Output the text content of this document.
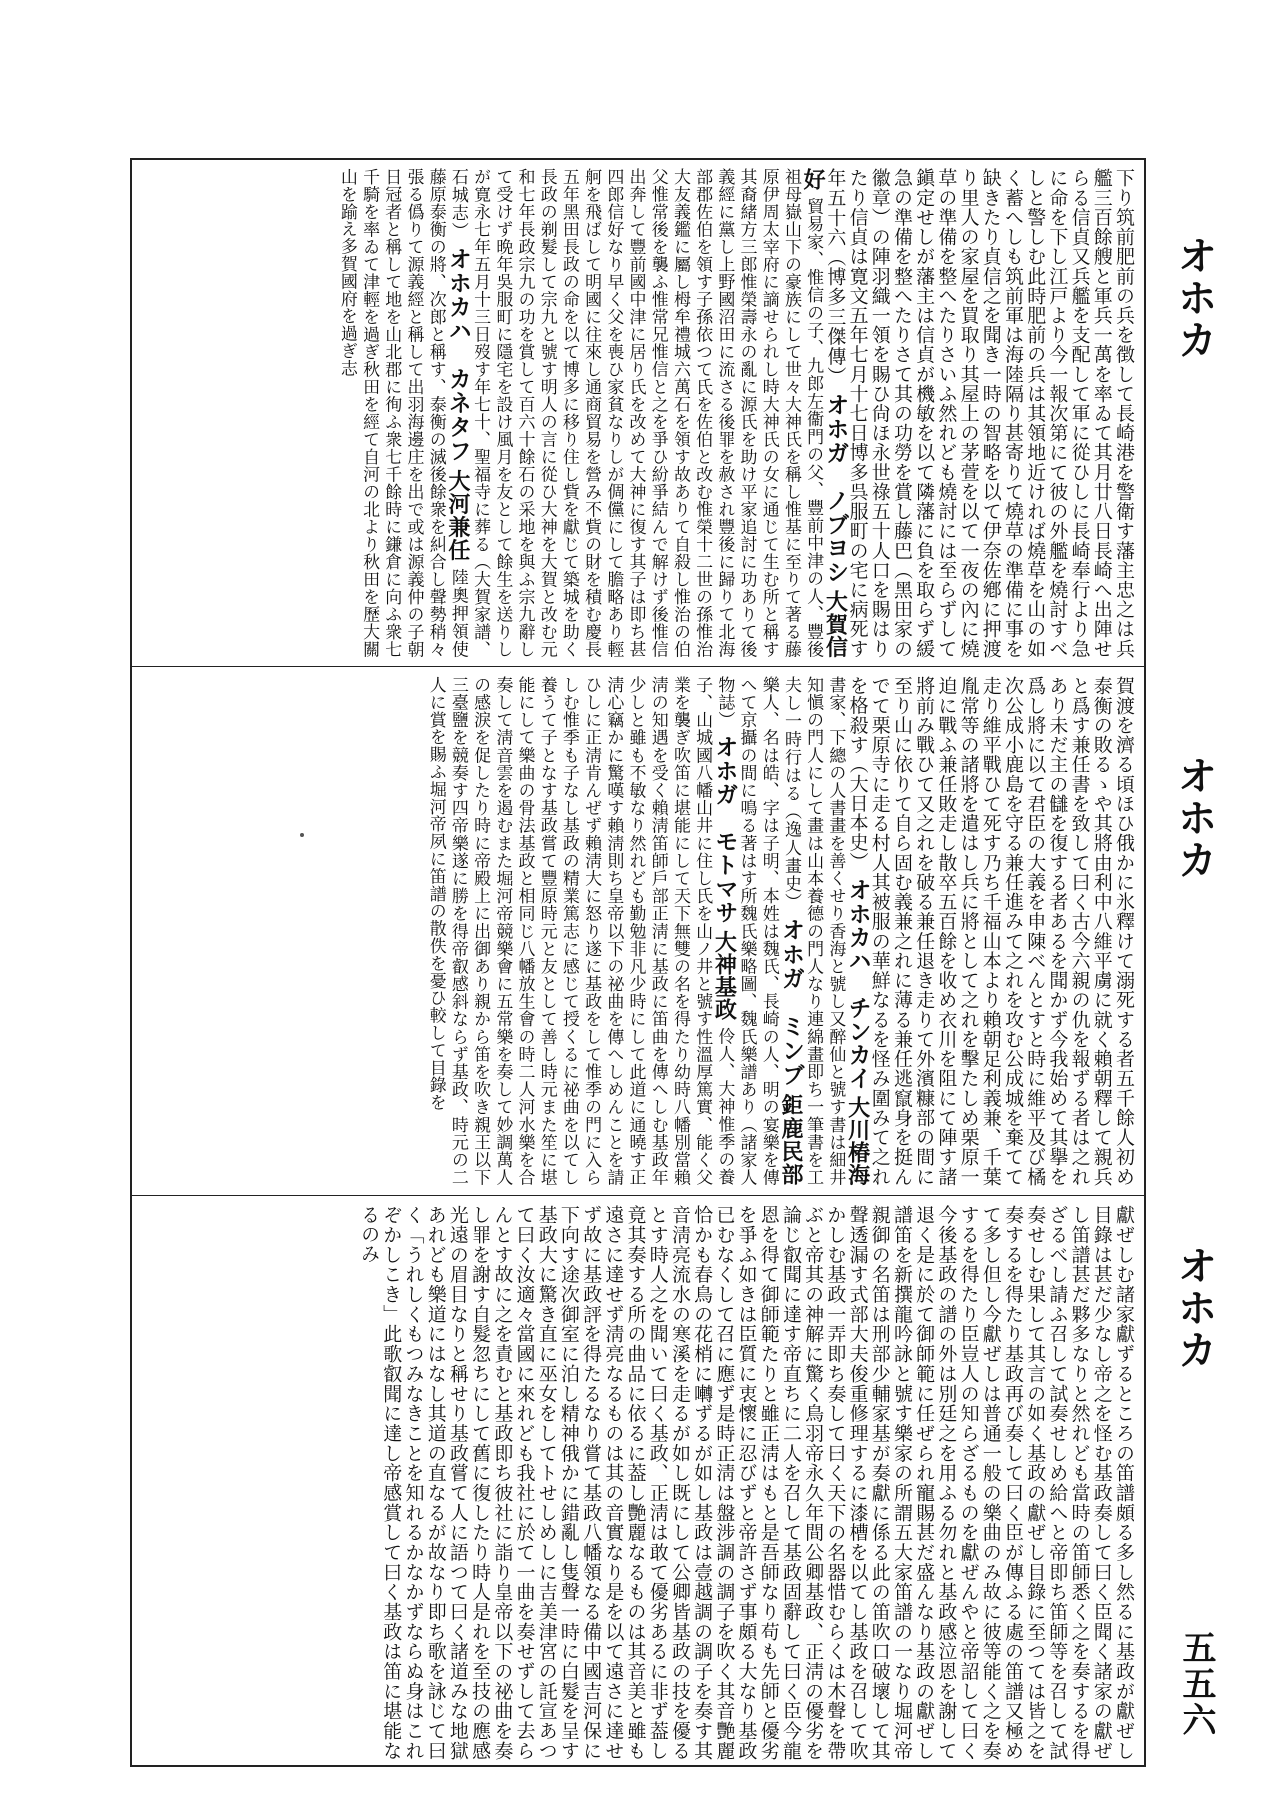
オホカ
オホカ
オホカ
五五六
下り筑前肥前の兵を徴して長崎港を警衛す藩主忠之は兵艦三百餘艘と軍兵一萬を率ゐて其月廿八日長崎へ出陣せらる信貞又兵艦を支配して軍に從ひしに長崎奉行より急に命を下し江戸より今一報次第にて彼の外艦を燒討すべしと警しむ此時肥前の兵は其領地近ければ燒草を山の如く蓄へしも筑前軍は海陸隔り甚寄りて燒草の準備に事を缺きたり貞信之を聞き一時の智略を以て伊奈佐鄕に押渡り里人の家屋を買取り其屋上の茅萱を以て一夜の內に燒草の準備を整へたりさいふ然れども燒討には至らずして鎭定せしが藩主は信貞が機敏を以て隣藩に負を取らず緩急の準備を整へたりさて其の功勞を賞し藤巴（黑田家の徽章）の陣羽織一領を賜ひ尙ほ永世祿五十人口を賜はりたり信貞は寛文五年七月十七日博多呉服町の宅に病死す年五十六（博多三傑傳） オホガ　ノブヨシ 大賀信好 貿易家、惟信の子、九郎左衞門の父、豐前中津の人、豐後祖母嶽山下の豪族にして世々大神氏を稱し惟基に至りて著る藤原伊周太宰府に謫せられし時大神氏の女に通じて生む所と稱す其裔緒方三郎惟榮壽永の亂に源氏を助け平家追討に功ありて後義經に黨し上野國沼田に流さる後罪を赦され豐後に歸りて北海部郡佐伯を領す子孫依つて氏を佐伯と改む惟榮十二世の孫惟治大友義鑑に屬し栂牟禮城六萬石を領す故ありて自殺し惟治の伯父惟常後を襲ふ惟常兄惟信と之を爭ひ紛爭結んで解けず後惟信出奔して豐前國中津に居り氏を改めて大神に復す其子は即ち甚四郎信好なり早く父を喪ひ家貧なりしが倜儻にして膽略あり輕舸を飛ばして明國に往來し通商貿易を營み不貲の財を積む慶長五年黑田長政の命を以て博多に移り住し貲を獻じて築城を助く長政の剃髮して宗九と號す明人の言に從ひ大神を大賀と改む元和七年長政宗九の功を賞して百六十餘石の采地を與ふ宗九辭して受けず晩年吳服町に隱宅を設け風月を友として餘生を送りしが寛永七年五月十三日歿す年七十、聖福寺に葬る（大賀家譜、石城志） オホカハ　カネタフ 大河兼任 陸奧押領使藤原泰衡の將、次郎と稱す、泰衡の滅後餘衆を糾合し聲勢稍々張る僞りて源義經と稱して出羽海邊庄を出で或は源義仲の子朝日冠者と稱して地を山北郡に徇ふ衆七千餘時に鎌倉に向ふ衆七千騎を率ゐて津輕を過ぎ秋田を經て自河の北より秋田を歷大關山を踰え多賀國府を過ぎ志
賀渡を濟る頃ほひ俄かに氷釋けて溺死する者五千餘人初め泰衡の敗るゝや其將由利中八維平虜に就く賴朝釋して親兵と爲す兼任書を致して曰く古今六親の仇を報ずる者は之れあり未だ主の讎を復する者あるを聞かず今我始めて其擧を爲し將に以て君臣の大義を申陳べんとすと時に維平及び橘次公成小鹿島を守る兼任進みて之れを攻む公成城を棄てて走り維平戰ひて死す乃ち千福山本より賴朝足利義兼、千葉胤常等の諸將を遣はし兵に將として之れを擊たしめ栗原一迫に戰ふ兼任敗走し散卒五百餘を收め衣川を阻にて陣す諸將前み戰ひて又之れを破る兼任退き走りて外濱糠部の間に至り山に依りて自ら固む義兼之れに薄る兼任逃竄身を挺んでて栗原寺に走る村人其被服の華鮮なるを怪み圍みて之れを格殺す（大日本史） オホカハ　チンカイ 大川椿海 書家、下總の人書畫を善くせり香海と號し又醉仙と號す書は細井知愼の門人にして畫は山本養德の門人なり連綿畫即ち一筆書を工夫し一時行はる（逸人畫史） オホガ　ミンブ 鉅鹿民部 樂人、名は皓、字は子明、本姓は魏氏、長崎の人、明の宴樂を傳へて京攝の間に鳴る著はす所魏氏樂略圖、魏氏樂譜あり（諸家人物誌） オホガ　モトマサ 大神基政 伶人、大神惟季の養子、山城國八幡山井に住し氏を山ノ井と號す性溫厚篤實、能く父業を襲ぎ吹笛に堪能にして天下無雙の名を得たり幼時八幡別當賴淸の知遇を受く賴淸笛師戶部正淸に基政に笛曲を傳へしむ基政年少しと雖も不敏なり然れども勤勉非凡少時にして此道に通曉す正淸心竊かに驚嘆す賴淸則ち皇帝以下の祕曲を傳へしめんことを請ひしに正淸肯んぜず賴淸大に怒り遂に基政をして惟季の門に入らしむ惟季も子なし基政の精業篤志に感じて授くるに祕曲を以てし養うて子となす基政嘗て豐原時元と友として善し時元また笙に堪能にして樂曲の骨法基政と相同じ八幡放生會の時二人河水樂を合奏して淸音雲を遏むまた堀河帝競樂會に五常樂を奏して妙調萬人の感淚を促したり時に帝殿上に出御あり親から笛を吹き親王以下三臺鹽を競奏す四帝樂遂に勝を得帝叡感斜ならず基政、時元の二人に賞を賜ふ堀河帝夙に笛譜の散佚を憂ひ較して目錄を
獻ぜしむ諸家獻ずるところの笛譜頗る多し然るに基政が獻ぜし目錄は甚だ少なし帝之を怪む基政奏して曰く臣聞く諸家の獻ぜし笛譜甚だ夥多なりと然れども當時の笛師悉く之を奏するを得ざるべし請ふ召して試奏せしめ給へと帝即ち笛師等を召して試奏せしむ果して其言の如く基政の獻ぜし目錄に至つては皆之を奏するを得たり基政再び奏して曰く臣が傳ふる處の笛譜又極めて多し但し今獻ぜしは普通一般の樂曲のみ故に彼等能く之を奏するを得たり臣豈人の知らざるものを獻ぜんやと帝詔して曰く今後基政の譜の外は別廷之を用ふる勿れと基政感泣恩を謝して退く是に於て御師範に任ぜられ寵賜甚だ盛んなり基政の獻ぜし譜笛を新撰龍吟詠と號す樂家の所謂五大家笛譜の一なり堀河帝親御の名笛は刑部少輔家基が奏獻に係る此の笛吹口破壞して其聲透漏す式部大夫俊重修理するに漆槽を以てし基政を召して吹かしむ基政一弄即ち奏して曰く天下の名器惜むらくは木聲を帶ぶと帝其の神解に驚く鳥羽帝永久年間公卿基政、正淸の優劣を論じ叡聞に達す帝直ちに二人を召して基政固辭して曰く臣今龍恩を得て御師範たりと雖正淸はもと是吾師なり苟も先師と優劣を爭ふ如きは臣質に衷懷に忍びずと帝許さず事頗る大なり基政已むなくして召に應ず是時正淸は盤涉調の調子を吹く其音艷麗恰かも春鳥の花梢に囀ずるが如し基政は壹越調の調子を奏す其音淸亮流水の寒溪を走るが如し既にして公卿皆基政の技を優るとす時人之を聞いて曰く基政、正淸は敢て優劣あるに非ず葢し竟其奏する所の曲品に依るに葢し艷麗なるものは其音美と雖も遠さに達せず淸亮なるものは其の音實なり是を以て遠さに達せず故に基政評を得たるなり嘗て基政八幡領なる備中國吉河保に下向す途次御室に泊し精神俄かに錯亂し隻聲一時に白髮を呈す基政大に驚き直に巫女をしてトせしめしに吉美津宮の託宣あつて曰く汝適々當國に來れども我社に於て一曲を奏せずして去らんとす故に之を責むと基政即ち彼社に詣り皇帝以下の祕曲を奏し罪を謝す自髮忽ちにして舊に復したり時人是れを至技の應感光遠の眉目なりと稱せり基政嘗て人に語つて曰く諸道みな地獄あれども樂道にはなし其道の直なるが故なり即ち歌を詠じて曰く「うれしくもつみなきことを知れるかなかずならぬ身はこれぞかしこき」此歌叡聞に達し帝感賞して曰く基政は笛に堪能なるのみ
